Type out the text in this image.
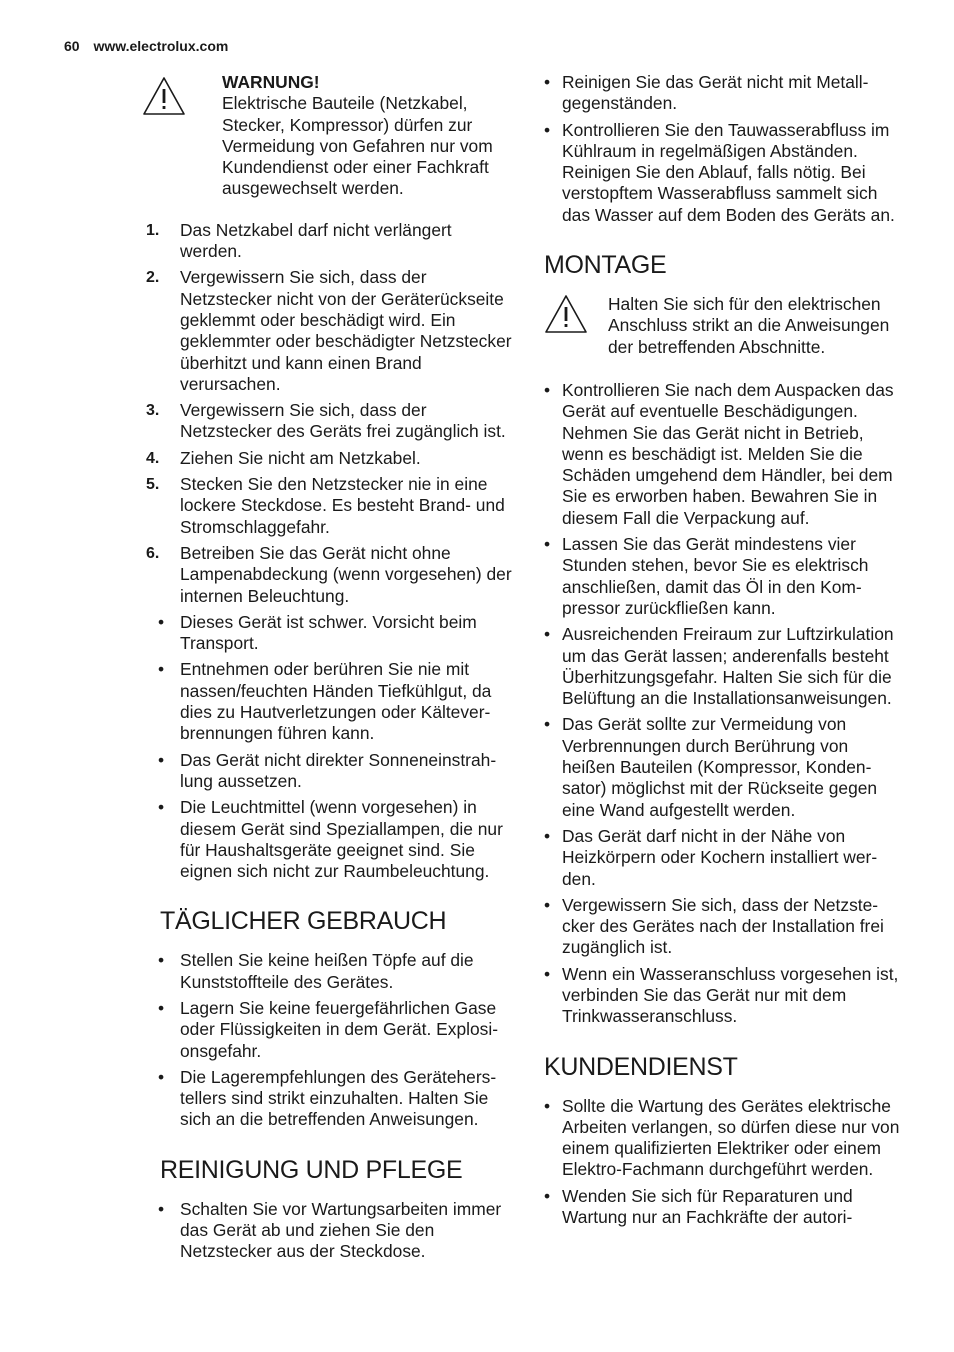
60 www.electrolux.com
WARNUNG!
Elektrische Bauteile (Netzkabel, Stecker, Kompressor) dürfen zur Vermeidung von Gefahren nur vom Kundendienst oder einer Fachkraft ausgewechselt werden.
1. Das Netzkabel darf nicht verlängert werden.
2. Vergewissern Sie sich, dass der Netzstecker nicht von der Geräterückseite geklemmt oder beschädigt wird. Ein geklemmter oder beschädigter Netzstecker überhitzt und kann einen Brand verursachen.
3. Vergewissern Sie sich, dass der Netzstecker des Geräts frei zugänglich ist.
4. Ziehen Sie nicht am Netzkabel.
5. Stecken Sie den Netzstecker nie in eine lockere Steckdose. Es besteht Brand- und Stromschlaggefahr.
6. Betreiben Sie das Gerät nicht ohne Lampenabdeckung (wenn vorgesehen) der internen Beleuchtung.
• Dieses Gerät ist schwer. Vorsicht beim Transport.
• Entnehmen oder berühren Sie nie mit nassen/feuchten Händen Tiefkühlgut, da dies zu Hautverletzungen oder Kälteverbrennungen führen kann.
• Das Gerät nicht direkter Sonneneinstrahlung aussetzen.
• Die Leuchtmittel (wenn vorgesehen) in diesem Gerät sind Speziallampen, die nur für Haushaltsgeräte geeignet sind. Sie eignen sich nicht zur Raumbeleuchtung.
TÄGLICHER GEBRAUCH
• Stellen Sie keine heißen Töpfe auf die Kunststoffteile des Gerätes.
• Lagern Sie keine feuergefährlichen Gase oder Flüssigkeiten in dem Gerät. Explosionsgefahr.
• Die Lagerempfehlungen des Geräteherstellers sind strikt einzuhalten. Halten Sie sich an die betreffenden Anweisungen.
REINIGUNG UND PFLEGE
• Schalten Sie vor Wartungsarbeiten immer das Gerät ab und ziehen Sie den Netzstecker aus der Steckdose.
• Reinigen Sie das Gerät nicht mit Metallgegenständen.
• Kontrollieren Sie den Tauwasserabfluss im Kühlraum in regelmäßigen Abständen. Reinigen Sie den Ablauf, falls nötig. Bei verstopftem Wasserabfluss sammelt sich das Wasser auf dem Boden des Geräts an.
MONTAGE
Halten Sie sich für den elektrischen Anschluss strikt an die Anweisungen der betreffenden Abschnitte.
• Kontrollieren Sie nach dem Auspacken das Gerät auf eventuelle Beschädigungen. Nehmen Sie das Gerät nicht in Betrieb, wenn es beschädigt ist. Melden Sie die Schäden umgehend dem Händler, bei dem Sie es erworben haben. Bewahren Sie in diesem Fall die Verpackung auf.
• Lassen Sie das Gerät mindestens vier Stunden stehen, bevor Sie es elektrisch anschließen, damit das Öl in den Kompressor zurückfließen kann.
• Ausreichenden Freiraum zur Luftzirkulation um das Gerät lassen; anderenfalls besteht Überhitzungsgefahr. Halten Sie sich für die Belüftung an die Installationsanweisungen.
• Das Gerät sollte zur Vermeidung von Verbrennungen durch Berührung von heißen Bauteilen (Kompressor, Kondensator) möglichst mit der Rückseite gegen eine Wand aufgestellt werden.
• Das Gerät darf nicht in der Nähe von Heizkörpern oder Kochern installiert werden.
• Vergewissern Sie sich, dass der Netzstecker des Gerätes nach der Installation frei zugänglich ist.
• Wenn ein Wasseranschluss vorgesehen ist, verbinden Sie das Gerät nur mit dem Trinkwasseranschluss.
KUNDENDIENST
• Sollte die Wartung des Gerätes elektrische Arbeiten verlangen, so dürfen diese nur von einem qualifizierten Elektriker oder einem Elektro-Fachmann durchgeführt werden.
• Wenden Sie sich für Reparaturen und Wartung nur an Fachkräfte der autori-
